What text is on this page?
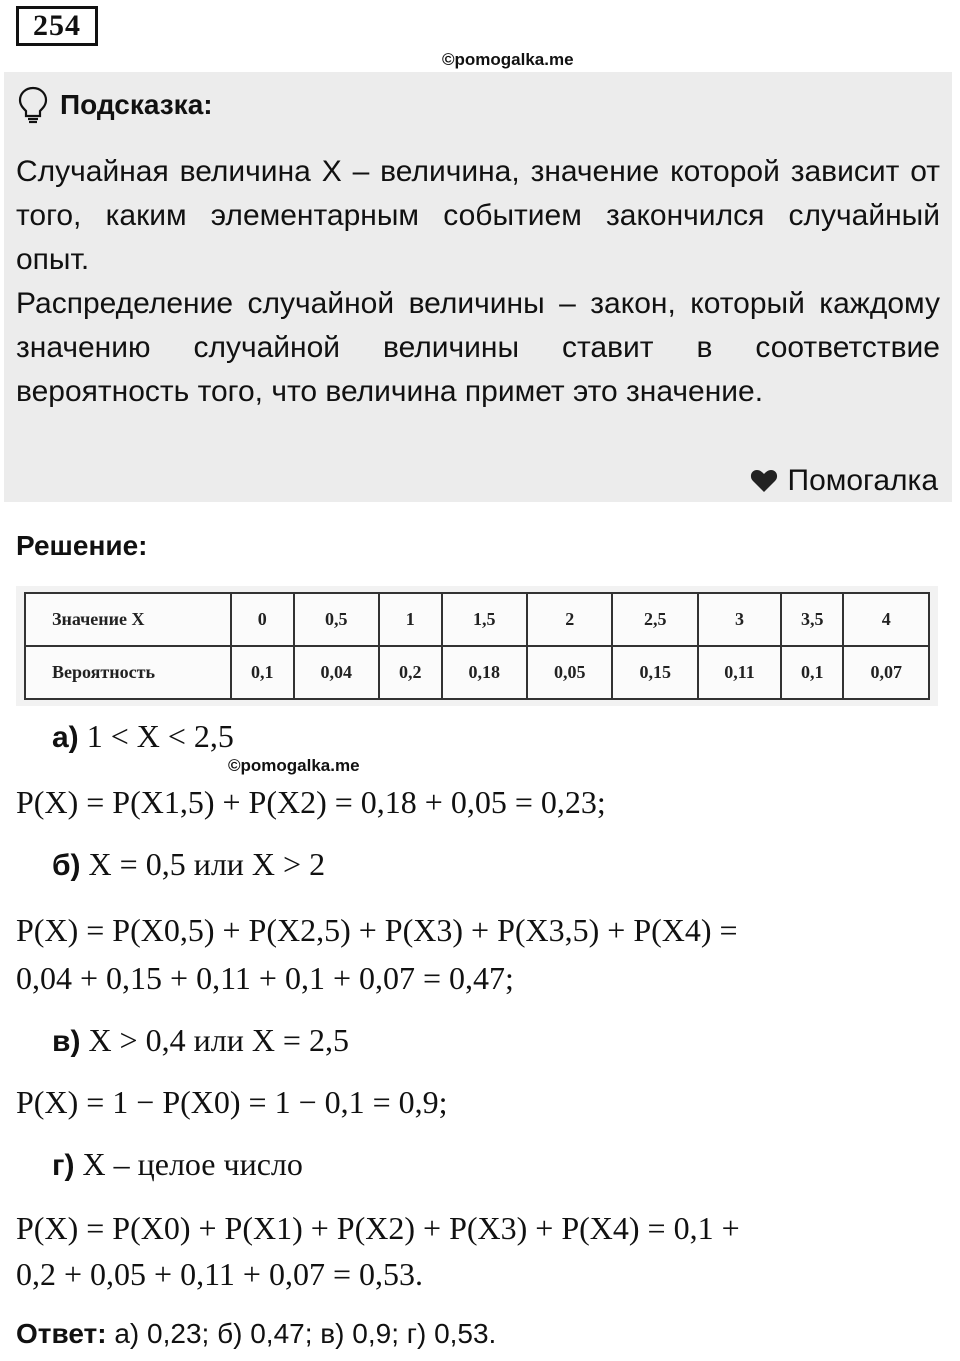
254
©pomogalka.me
Подсказка:

Случайная величина X – величина, значение которой зависит от того, каким элементарным событием закончился случайный опыт.

Распределение случайной величины – закон, который каждому значению случайной величины ставит в соответствие вероятность того, что величина примет это значение.

Помогалка
Решение:
Значение X	0	0,5	1	1,5	2	2,5	3	3,5	4
Вероятность	0,1	0,04	0,2	0,18	0,05	0,15	0,11	0,1	0,07
а) 1 < X < 2,5
©pomogalka.me
P(X) = P(X1,5) + P(X2) = 0,18 + 0,05 = 0,23;
б) X = 0,5 или X > 2
P(X) = P(X0,5) + P(X2,5) + P(X3) + P(X3,5) + P(X4) =
0,04 + 0,15 + 0,11 + 0,1 + 0,07 = 0,47;
в) X > 0,4 или X = 2,5
P(X) = 1 − P(X0) = 1 − 0,1 = 0,9;
г) X – целое число
P(X) = P(X0) + P(X1) + P(X2) + P(X3) + P(X4) = 0,1 +
0,2 + 0,05 + 0,11 + 0,07 = 0,53.
Ответ: а) 0,23; б) 0,47; в) 0,9; г) 0,53.
